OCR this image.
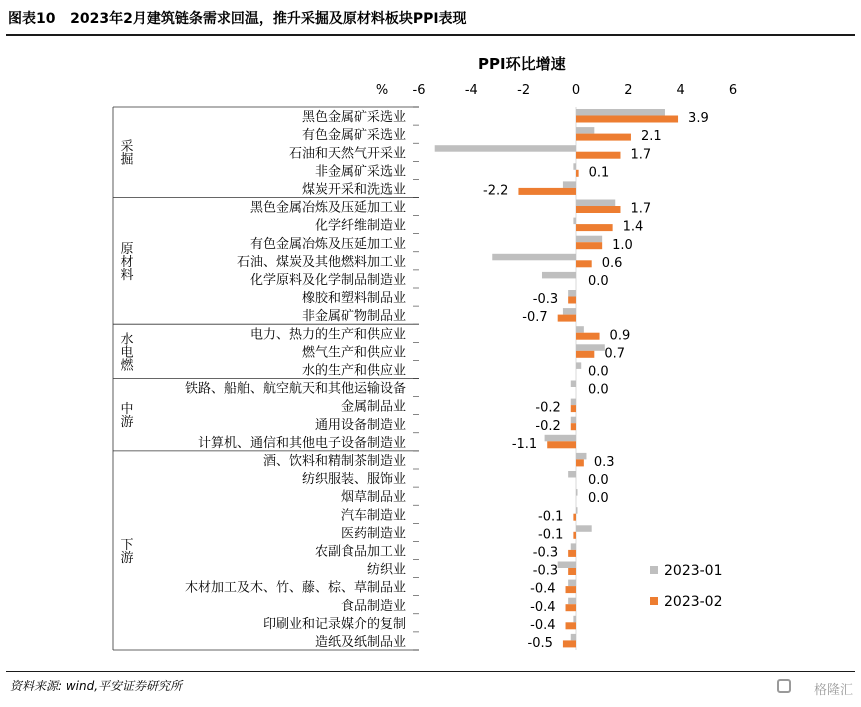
图表10 2023年2月建筑链条需求回温，推升采掘及原材料板块PPI表现
PPI环比增速
% -6	-4	-2	0	2	4	6
采掘
原材料
水电燃
中游
下游
黑色金属矿采选业	3.9
有色金属矿采选业	2.1
石油和天然气开采业	1.7
非金属矿采选业	0.1
煤炭开采和洗选业	-2.2
黑色金属冶炼及压延加工业	1.7
化学纤维制造业	1.4
有色金属冶炼及压延加工业	1.0
石油、煤炭及其他燃料加工业	0.6
化学原料及化学制品制造业	0.0
橡胶和塑料制品业	-0.3
非金属矿物制品业	-0.7
电力、热力的生产和供应业	0.9
燃气生产和供应业	0.7
水的生产和供应业	0.0
铁路、船舶、航空航天和其他运输设备	0.0
金属制品业	-0.2
通用设备制造业	-0.2
计算机、通信和其他电子设备制造业	-1.1
酒、饮料和精制茶制造业	0.3
纺织服装、服饰业	0.0
烟草制品业	0.0
汽车制造业	-0.1
医药制造业	-0.1
农副食品加工业	-0.3
纺织业	-0.3
木材加工及木、竹、藤、棕、草制品业	-0.4
食品制造业	-0.4
印刷业和记录媒介的复制	-0.4
造纸及纸制品业	-0.5
2023-01
2023-02
资料来源: wind,平安证券研究所	格隆汇
